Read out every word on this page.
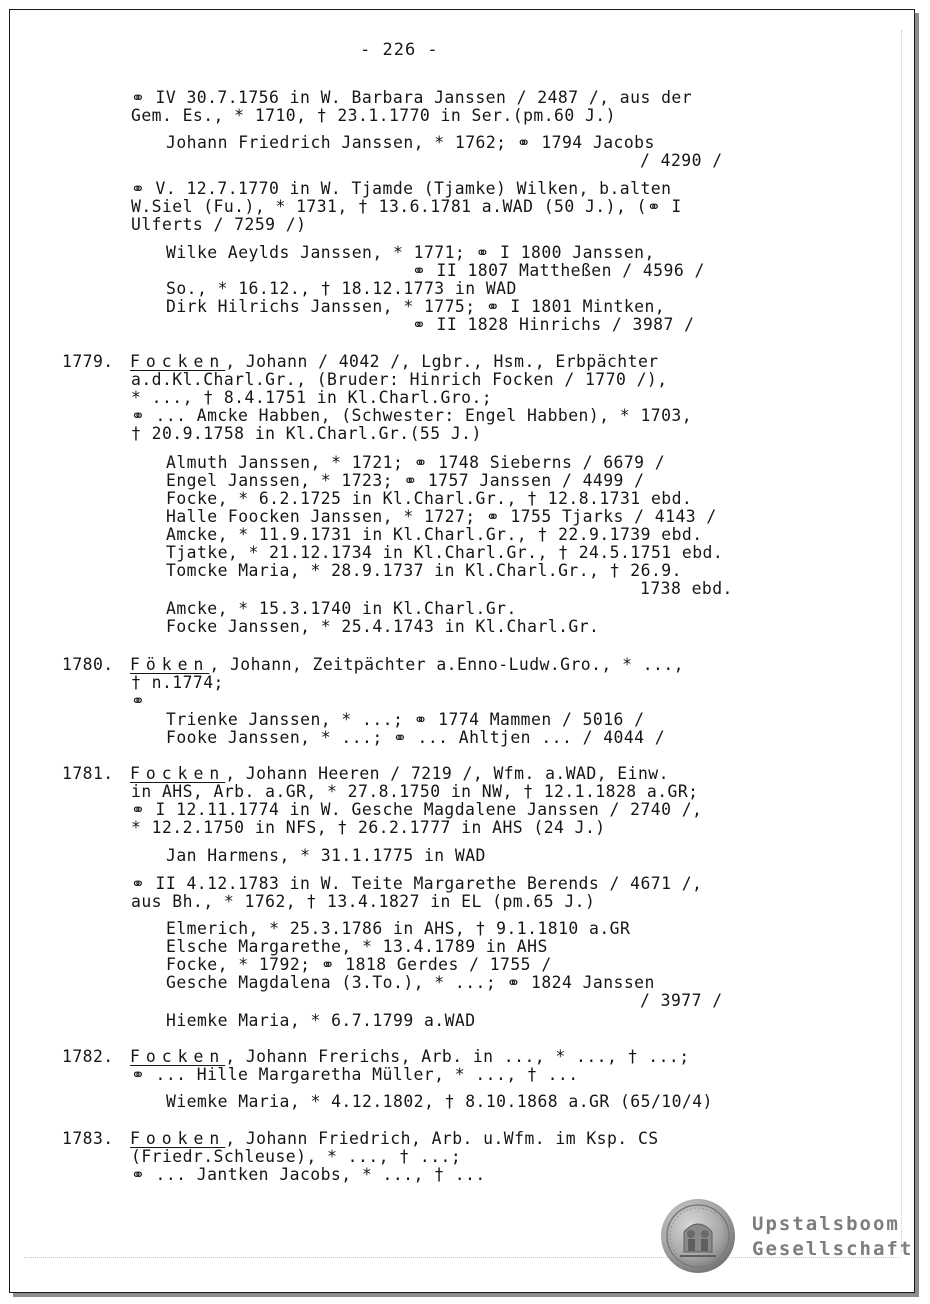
- 226 -
⚭ IV 30.7.1756 in W. Barbara Janssen / 2487 /, aus der
Gem. Es., * 1710, † 23.1.1770 in Ser.(pm.60 J.)
Johann Friedrich Janssen, * 1762; ⚭ 1794 Jacobs
/ 4290 /
⚭ V. 12.7.1770 in W. Tjamde (Tjamke) Wilken, b.alten
W.Siel (Fu.), * 1731, † 13.6.1781 a.WAD (50 J.), (⚭ I
Ulferts / 7259 /)
Wilke Aeylds Janssen, * 1771; ⚭ I 1800 Janssen,
⚭ II 1807 Mattheßen / 4596 /
So., * 16.12., † 18.12.1773 in WAD
Dirk Hilrichs Janssen, * 1775; ⚭ I 1801 Mintken,
⚭ II 1828 Hinrichs / 3987 /
1779. Focken, Johann / 4042 /, Lgbr., Hsm., Erbpächter
a.d.Kl.Charl.Gr., (Bruder: Hinrich Focken / 1770 /),
* ..., † 8.4.1751 in Kl.Charl.Gro.;
⚭ ... Amcke Habben, (Schwester: Engel Habben), * 1703,
† 20.9.1758 in Kl.Charl.Gr.(55 J.)
Almuth Janssen, * 1721; ⚭ 1748 Sieberns / 6679 /
Engel Janssen, * 1723; ⚭ 1757 Janssen / 4499 /
Focke, * 6.2.1725 in Kl.Charl.Gr., † 12.8.1731 ebd.
Halle Foocken Janssen, * 1727; ⚭ 1755 Tjarks / 4143 /
Amcke, * 11.9.1731 in Kl.Charl.Gr., † 22.9.1739 ebd.
Tjatke, * 21.12.1734 in Kl.Charl.Gr., † 24.5.1751 ebd.
Tomcke Maria, * 28.9.1737 in Kl.Charl.Gr., † 26.9.
1738 ebd.
Amcke, * 15.3.1740 in Kl.Charl.Gr.
Focke Janssen, * 25.4.1743 in Kl.Charl.Gr.
1780. Föken, Johann, Zeitpächter a.Enno-Ludw.Gro., * ...,
† n.1774;
⚭
Trienke Janssen, * ...; ⚭ 1774 Mammen / 5016 /
Fooke Janssen, * ...; ⚭ ... Ahltjen ... / 4044 /
1781. Focken, Johann Heeren / 7219 /, Wfm. a.WAD, Einw.
in AHS, Arb. a.GR, * 27.8.1750 in NW, † 12.1.1828 a.GR;
⚭ I 12.11.1774 in W. Gesche Magdalene Janssen / 2740 /,
* 12.2.1750 in NFS, † 26.2.1777 in AHS (24 J.)
Jan Harmens, * 31.1.1775 in WAD
⚭ II 4.12.1783 in W. Teite Margarethe Berends / 4671 /,
aus Bh., * 1762, † 13.4.1827 in EL (pm.65 J.)
Elmerich, * 25.3.1786 in AHS, † 9.1.1810 a.GR
Elsche Margarethe, * 13.4.1789 in AHS
Focke, * 1792; ⚭ 1818 Gerdes / 1755 /
Gesche Magdalena (3.To.), * ...; ⚭ 1824 Janssen
/ 3977 /
Hiemke Maria, * 6.7.1799 a.WAD
1782. Focken, Johann Frerichs, Arb. in ..., * ..., † ...;
⚭ ... Hille Margaretha Müller, * ..., † ...
Wiemke Maria, * 4.12.1802, † 8.10.1868 a.GR (65/10/4)
1783. Fooken, Johann Friedrich, Arb. u.Wfm. im Ksp. CS
(Friedr.Schleuse), * ..., † ...;
⚭ ... Jantken Jacobs, * ..., † ...
Upstalsboom
Gesellschaft
